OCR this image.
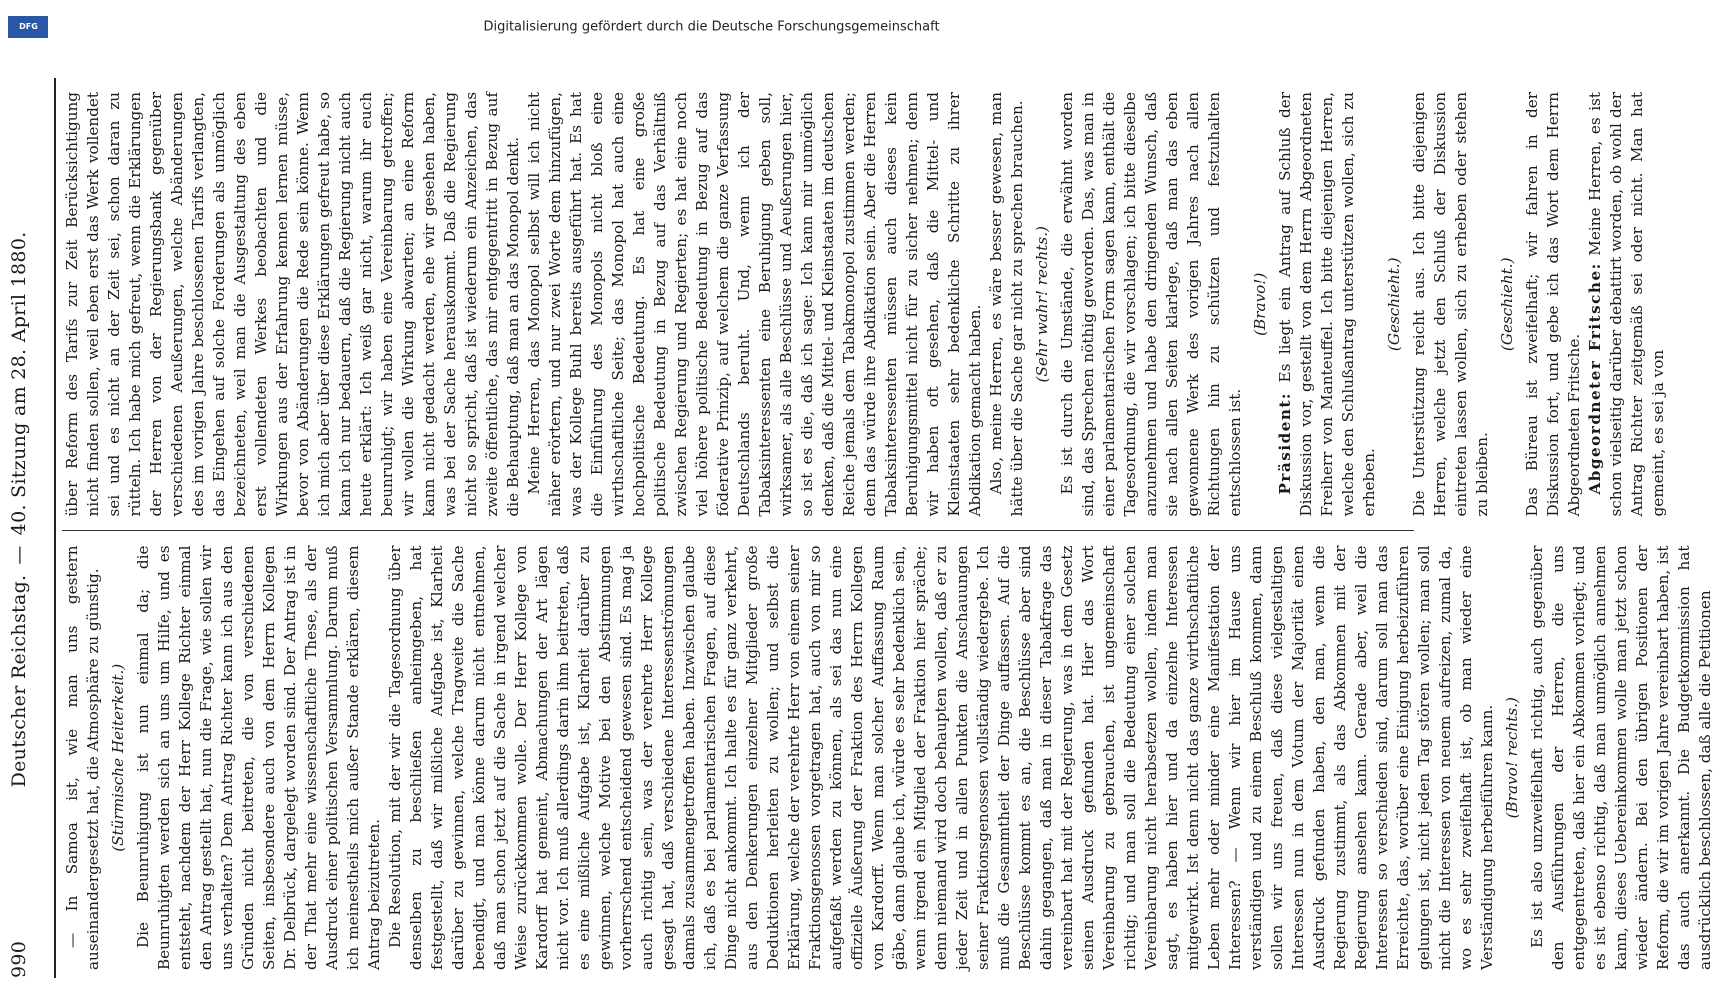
990
Deutscher Reichstag.—40. Sitzung am 28. April 1880.

— In Samoa ist, wie man uns gestern auseinandergesetzt hat, die Atmosphäre zu günstig. (Stürmische Heiterkeit.) Die Beunruhigung ist nun einmal da; die Beunruhigten werden sich an uns um Hilfe, und es entsteht, nachdem der Herr Kollege Richter einmal den Antrag gestellt hat, nun die Frage, wie sollen wir uns verhalten? Dem Antrag Richter kann ich aus den Gründen nicht beitreten, die von verschiedenen Seiten, insbesondere auch von dem Herrn Kollegen Dr. Delbrück, dargelegt worden sind. Der Antrag ist in der That mehr eine wissenschaftliche These, als der Ausdruck einer politischen Versammlung. Darum muß ich meinestheils mich außer Stande erklären, diesem Antrag beizutreten. Die Resolution, mit der wir die Tagesordnung über denselben zu beschließen anheimgeben, hat festgestellt, daß wir mißliche Aufgabe ist, Klarheit darüber zu gewinnen, welche Tragweite die Sache beendigt, und man könne darum nicht entnehmen, daß man schon jetzt auf die Sache in irgend welcher Weise zurückkommen wolle. Der Herr Kollege von Kardorff hat gemeint, Abmachungen der Art lägen nicht vor. Ich muß allerdings darin ihm beitreten, daß es eine mißliche Aufgabe ist, Klarheit darüber zu gewinnen, welche Motive bei den Abstimmungen vorherrschend entscheidend gewesen sind. Es mag ja auch richtig sein, was der verehrte Herr Kollege gesagt hat, daß verschiedene Interessenströmungen damals zusammengetroffen haben. Inzwischen glaube ich, daß es bei parlamentarischen Fragen, auf diese Dinge nicht ankommt. Ich halte es für ganz verkehrt, aus den Denkerungen einzelner Mitglieder große Deduktionen herleiten zu wollen; und selbst die Erklärung, welche der verehrte Herr von einem seiner Fraktionsgenossen vorgetragen hat, auch von mir so aufgefaßt werden zu können, als sei das nun eine offizielle Äußerung der Fraktion des Herrn Kollegen von Kardorff. Wenn man solcher Auffassung Raum gäbe, dann glaube ich, würde es sehr bedenklich sein, wenn irgend ein Mitglied der Fraktion hier spräche; denn niemand wird doch behaupten wollen, daß er zu jeder Zeit und in allen Punkten die Anschauungen seiner Fraktionsgenossen vollständig wiedergebe. Ich muß die Gesammtheit der Dinge auffassen. Auf die Beschlüsse kommt es an, die Beschlüsse aber sind dahin gegangen, daß man in dieser Tabakfrage das vereinbart hat mit der Regierung, was in dem Gesetz seinen Ausdruck gefunden hat. Hier das Wort Vereinbarung zu gebrauchen, ist ungemeinschaft richtig; und man soll die Bedeutung einer solchen Vereinbarung nicht herabsetzen wollen, indem man sagt, es haben hier und da einzelne Interessen mitgewirkt. Ist denn nicht das ganze wirthschaftliche Leben mehr oder minder eine Manifestation der Interessen? — Wenn wir hier im Hause uns verständigen und zu einem Beschluß kommen, dann sollen wir uns freuen, daß diese vielgestaltigen Interessen nun in dem Votum der Majorität einen Ausdruck gefunden haben, den man, wenn die Regierung zustimmt, als das Abkommen mit der Regierung ansehen kann. Gerade aber, weil die Interessen so verschieden sind, darum soll man das Erreichte, das, worüber eine Einigung herbeizuführen gelungen ist, nicht jeden Tag stören wollen; man soll nicht die Interessen von neuem aufreizen, zumal da, wo es sehr zweifelhaft ist, ob man wieder eine Verständigung herbeiführen kann. (Bravo! rechts.) Es ist also unzweifelhaft richtig, auch gegenüber den Ausführungen der Herren, die uns entgegentreten, daß hier ein Abkommen vorliegt; und es ist ebenso richtig, daß man unmöglich annehmen kann, dieses Uebereinkommen wolle man jetzt schon wieder ändern. Bei den übrigen Positionen der Reform, die wir im vorigen Jahre vereinbart haben, ist das auch anerkannt. Die Budgetkommission hat ausdrücklich beschlossen, daß alle die Petitionen

über Reform des Tarifs zur Zeit Berücksichtigung nicht finden sollen, weil eben erst das Werk vollendet sei und es nicht an der Zeit sei, schon daran zu rütteln. Ich habe mich gefreut, wenn die Erklärungen der Herren von der Regierungsbank gegenüber verschiedenen Aeußerungen, welche Abänderungen des im vorigen Jahre beschlossenen Tarifs verlangten, das Eingehen auf solche Forderungen als unmöglich bezeichneten, weil man die Ausgestaltung des eben erst vollendeten Werkes beobachten und die Wirkungen aus der Erfahrung kennen lernen müsse, bevor von Abänderungen die Rede sein könne. Wenn ich mich aber über diese Erklärungen gefreut habe, so kann ich nur bedauern, daß die Regierung nicht auch heute erklärt: Ich weiß gar nicht, warum ihr euch beunruhigt; wir haben eine Vereinbarung getroffen; wir wollen die Wirkung abwarten; an eine Reform kann nicht gedacht werden, ehe wir gesehen haben, was bei der Sache herauskommt. Daß die Regierung nicht so spricht, daß ist wiederum ein Anzeichen, das zweite öffentliche, das mir entgegentritt in Bezug auf die Behauptung, daß man an das Monopol denkt. Meine Herren, das Monopol selbst will ich nicht näher erörtern, und nur zwei Worte dem hinzufügen, was der Kollege Buhl bereits ausgeführt hat. Es hat die Einführung des Monopols nicht bloß eine wirthschaftliche Seite; das Monopol hat auch eine hochpolitische Bedeutung. Es hat eine große politische Bedeutung in Bezug auf das Verhältniß zwischen Regierung und Regierten; es hat eine noch viel höhere politische Bedeutung in Bezug auf das föderative Prinzip, auf welchem die ganze Verfassung Deutschlands beruht. Und, wenn ich der Tabaksinteressenten eine Beruhigung geben soll, wirksamer, als alle Beschlüsse und Aeußerungen hier, so ist es die, daß ich sage: Ich kann mir unmöglich denken, daß die Mittel- und Kleinstaaten im deutschen Reiche jemals dem Tabakmonopol zustimmen werden; denn das würde ihre Abdikation sein. Aber die Herren Tabaksinteressenten müssen auch dieses kein Beruhigungsmittel nicht für zu sicher nehmen; denn wir haben oft gesehen, daß die Mittel- und Kleinstaaten sehr bedenkliche Schritte zu ihrer Abdikation gemacht haben. Also, meine Herren, es wäre besser gewesen, man hätte über die Sache gar nicht zu sprechen brauchen. (Sehr wahr! rechts.) Es ist durch die Umstände, die erwähnt worden sind, das Sprechen nöthig geworden. Das, was man in einer parlamentarischen Form sagen kann, enthält die Tagesordnung, die wir vorschlagen; ich bitte dieselbe anzunehmen und habe den dringenden Wunsch, daß sie nach allen Seiten klarlege, daß man das eben gewonnene Werk des vorigen Jahres nach allen Richtungen hin zu schützen und festzuhalten entschlossen ist.

(Bravo!)

Präsident: Es liegt ein Antrag auf Schluß der Diskussion vor, gestellt von dem Herrn Abgeordneten Freiherr von Manteuffel. Ich bitte diejenigen Herren, welche den Schlußantrag unterstützen wollen, sich zu erheben.

(Geschieht.) Die Unterstützung reicht aus. Ich bitte diejenigen Herren, welche jetzt den Schluß der Diskussion eintreten lassen wollen, sich zu erheben oder stehen zu bleiben.

(Geschieht.) Das Büreau ist zweifelhaft; wir fahren in der Diskussion fort, und gebe ich das Wort dem Herrn Abgeordneten Fritsche. Abgeordneter Fritsche: Meine Herren, es ist schon vielseitig darüber debattirt worden, ob wohl der Antrag Richter zeitgemäß sei oder nicht. Man hat gemeint, es sei ja von

Digitalisierung gefördert durch die Deutsche Forschungsgemeinschaft
DFG
